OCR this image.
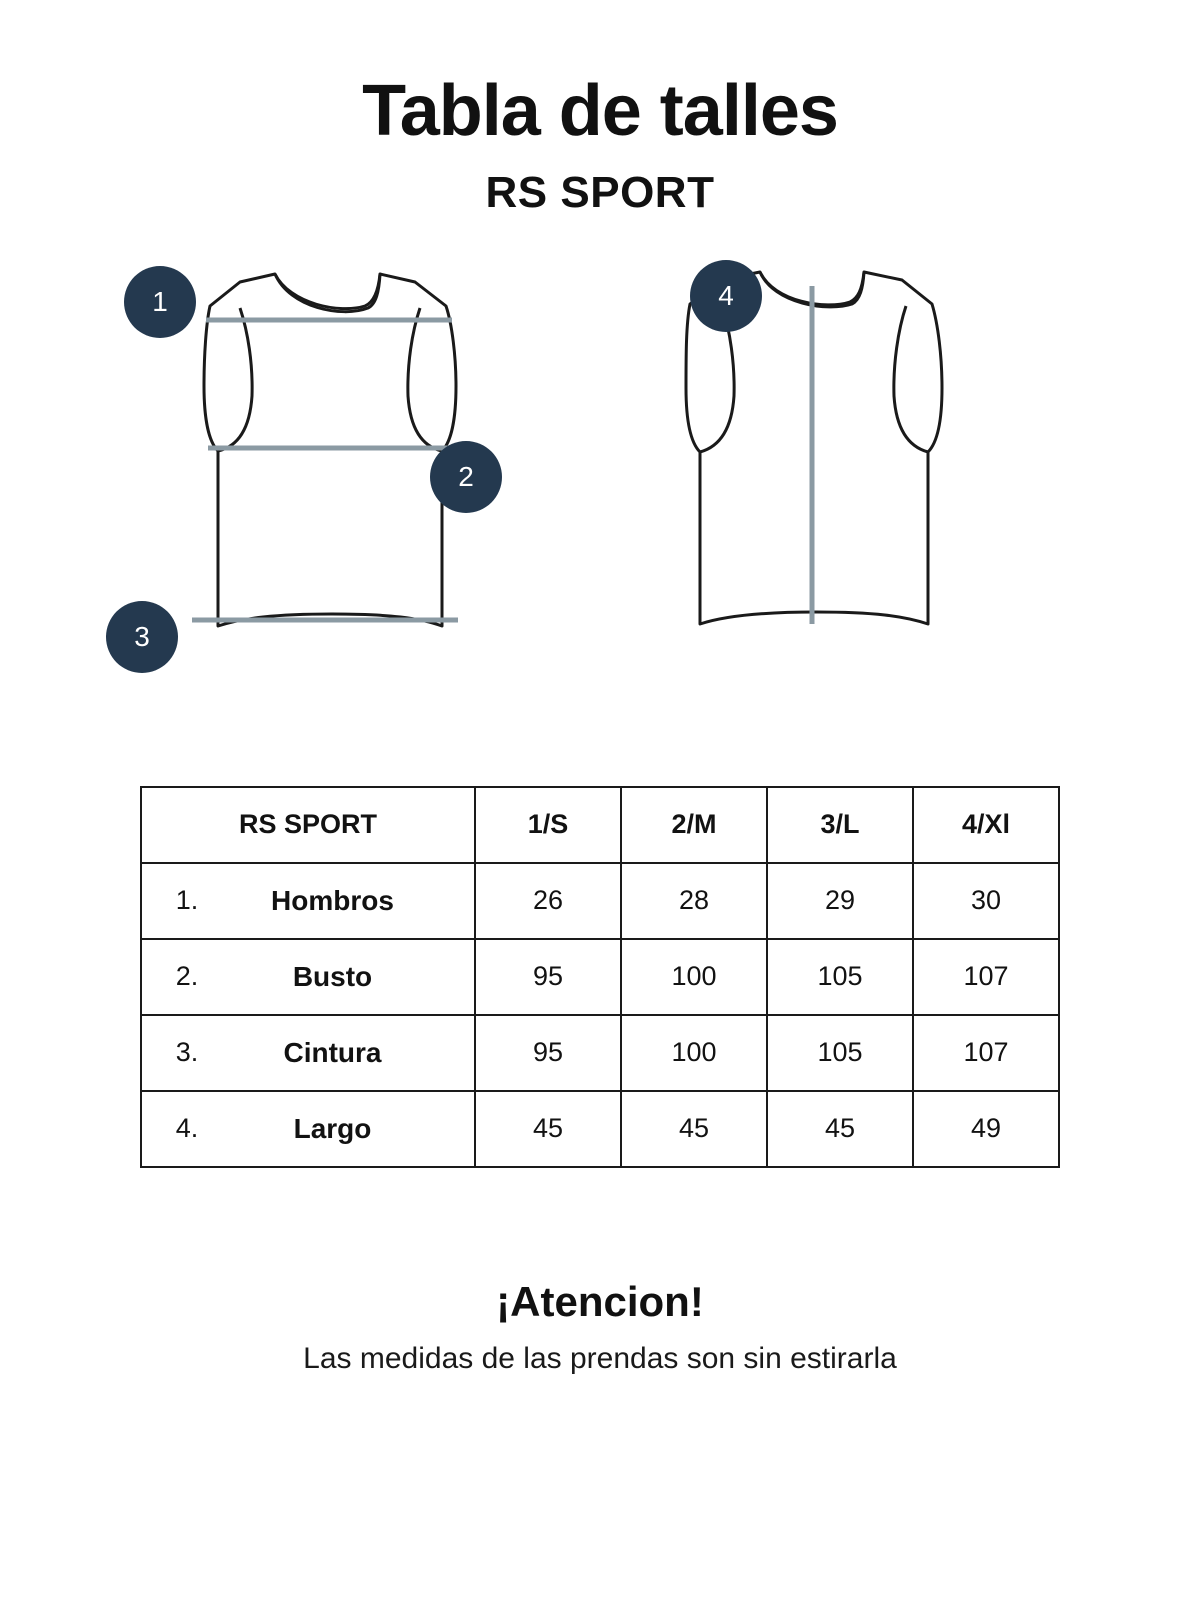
Tabla de talles
RS SPORT
1
2
3
4
RS SPORT	1/S	2/M	3/L	4/Xl

1. Hombros	26	28	29	30

2. Busto	95	100	105	107

3. Cintura	95	100	105	107

4. Largo	45	45	45	49

¡Atencion!

Las medidas de las prendas son sin estirarla
